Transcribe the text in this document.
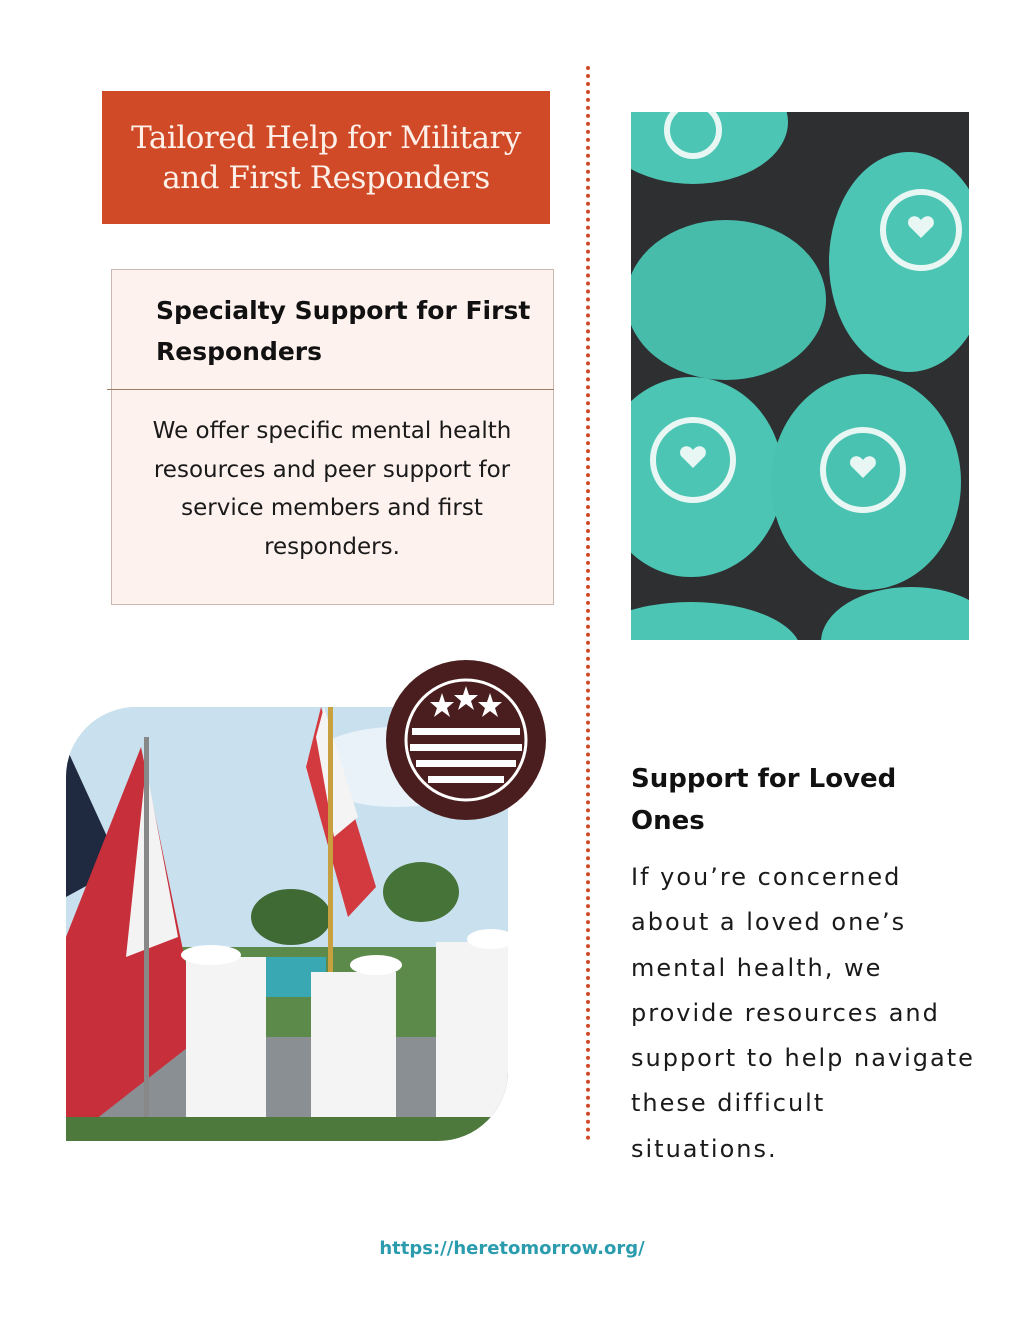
Tailored Help for Military
and First Responders
Specialty Support for First Responders
We offer specific mental health resources and peer support for service members and first responders.
Support for Loved Ones
If you’re concerned about a loved one’s mental health, we provide resources and support to help navigate these difficult situations.
https://heretomorrow.org/
